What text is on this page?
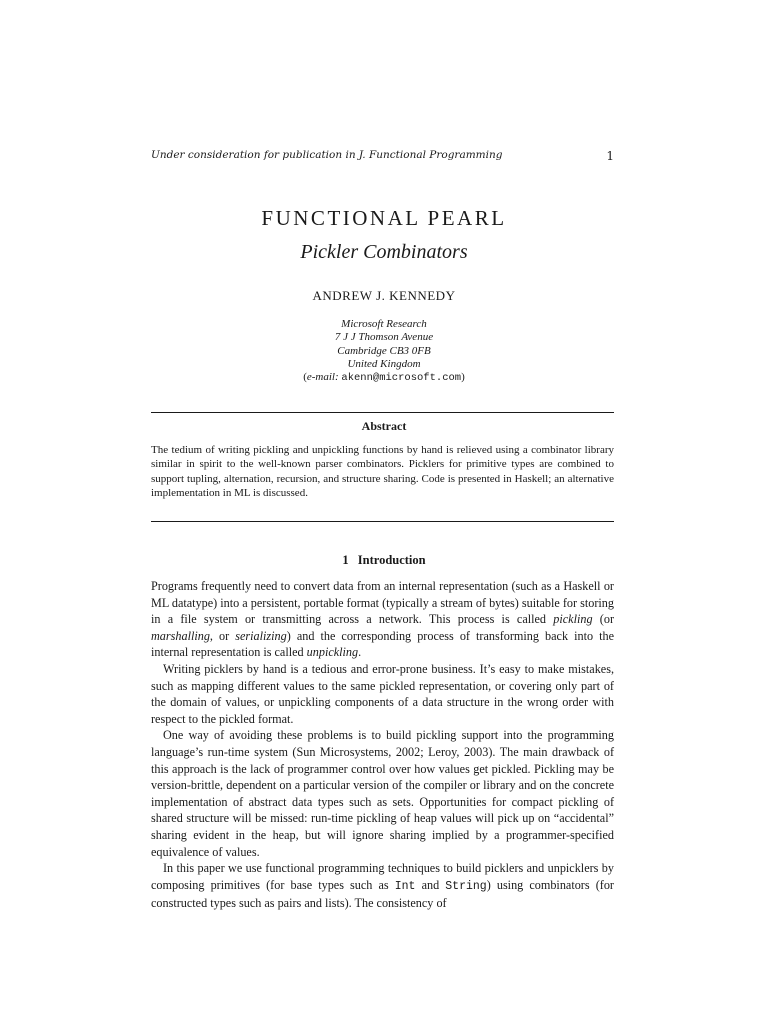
Under consideration for publication in J. Functional Programming	1
FUNCTIONAL PEARL
Pickler Combinators
ANDREW J. KENNEDY
Microsoft Research
7 J J Thomson Avenue
Cambridge CB3 0FB
United Kingdom
(e-mail: akenn@microsoft.com)
Abstract
The tedium of writing pickling and unpickling functions by hand is relieved using a combinator library similar in spirit to the well-known parser combinators. Picklers for primitive types are combined to support tupling, alternation, recursion, and structure sharing. Code is presented in Haskell; an alternative implementation in ML is discussed.
1 Introduction

Programs frequently need to convert data from an internal representation (such as a Haskell or ML datatype) into a persistent, portable format (typically a stream of bytes) suitable for storing in a file system or transmitting across a network. This process is called pickling (or marshalling, or serializing) and the corresponding process of transforming back into the internal representation is called unpickling.

Writing picklers by hand is a tedious and error-prone business. It’s easy to make mistakes, such as mapping different values to the same pickled representation, or covering only part of the domain of values, or unpickling components of a data structure in the wrong order with respect to the pickled format.

One way of avoiding these problems is to build pickling support into the programming language’s run-time system (Sun Microsystems, 2002; Leroy, 2003). The main drawback of this approach is the lack of programmer control over how values get pickled. Pickling may be version-brittle, dependent on a particular version of the compiler or library and on the concrete implementation of abstract data types such as sets. Opportunities for compact pickling of shared structure will be missed: run-time pickling of heap values will pick up on “accidental” sharing evident in the heap, but will ignore sharing implied by a programmer-specified equivalence of values.

In this paper we use functional programming techniques to build picklers and unpicklers by composing primitives (for base types such as Int and String) using combinators (for constructed types such as pairs and lists). The consistency of
